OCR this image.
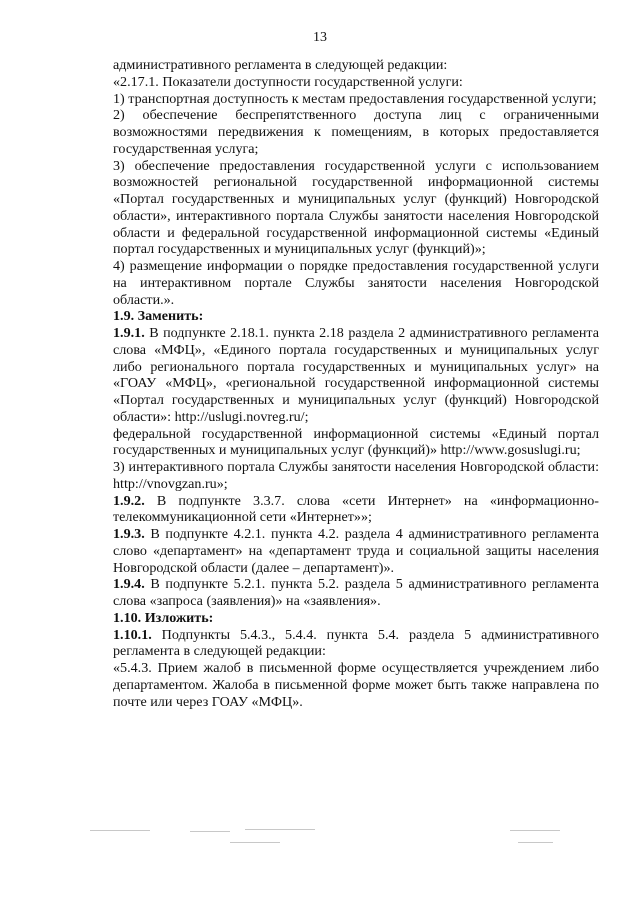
13

административного регламента в следующей редакции:

«2.17.1. Показатели доступности государственной услуги:

1) транспортная доступность к местам предоставления государственной услуги;

2) обеспечение беспрепятственного доступа лиц с ограниченными возможностями передвижения к помещениям, в которых предоставляется государственная услуга;

3) обеспечение предоставления государственной услуги с использованием возможностей региональной государственной информационной системы «Портал государственных и муниципальных услуг (функций) Новгородской области», интерактивного портала Службы занятости населения Новгородской области и федеральной государственной информационной системы «Единый портал государственных и муниципальных услуг (функций)»;

4) размещение информации о порядке предоставления государственной услуги на интерактивном портале Службы занятости населения Новгородской области.».

1.9. Заменить:

1.9.1. В подпункте 2.18.1. пункта 2.18 раздела 2 административного регламента слова «МФЦ», «Единого портала государственных и муниципальных услуг либо регионального портала государственных и муниципальных услуг» на «ГОАУ «МФЦ», «региональной государственной информационной системы «Портал государственных и муниципальных услуг (функций) Новгородской области»: http://uslugi.novreg.ru/;

федеральной государственной информационной системы «Единый портал государственных и муниципальных услуг (функций)» http://www.gosuslugi.ru;

3) интерактивного портала Службы занятости населения Новгородской области: http://vnovgzan.ru»;

1.9.2. В подпункте 3.3.7. слова «сети Интернет» на «информационно-телекоммуникационной сети «Интернет»»;

1.9.3. В подпункте 4.2.1. пункта 4.2. раздела 4 административного регламента слово «департамент» на «департамент труда и социальной защиты населения Новгородской области (далее – департамент)».

1.9.4. В подпункте 5.2.1. пункта 5.2. раздела 5 административного регламента слова «запроса (заявления)» на «заявления».

1.10. Изложить:

1.10.1. Подпункты 5.4.3., 5.4.4. пункта 5.4. раздела 5 административного регламента в следующей редакции:

«5.4.3. Прием жалоб в письменной форме осуществляется учреждением либо департаментом. Жалоба в письменной форме может быть также направлена по почте или через ГОАУ «МФЦ».
